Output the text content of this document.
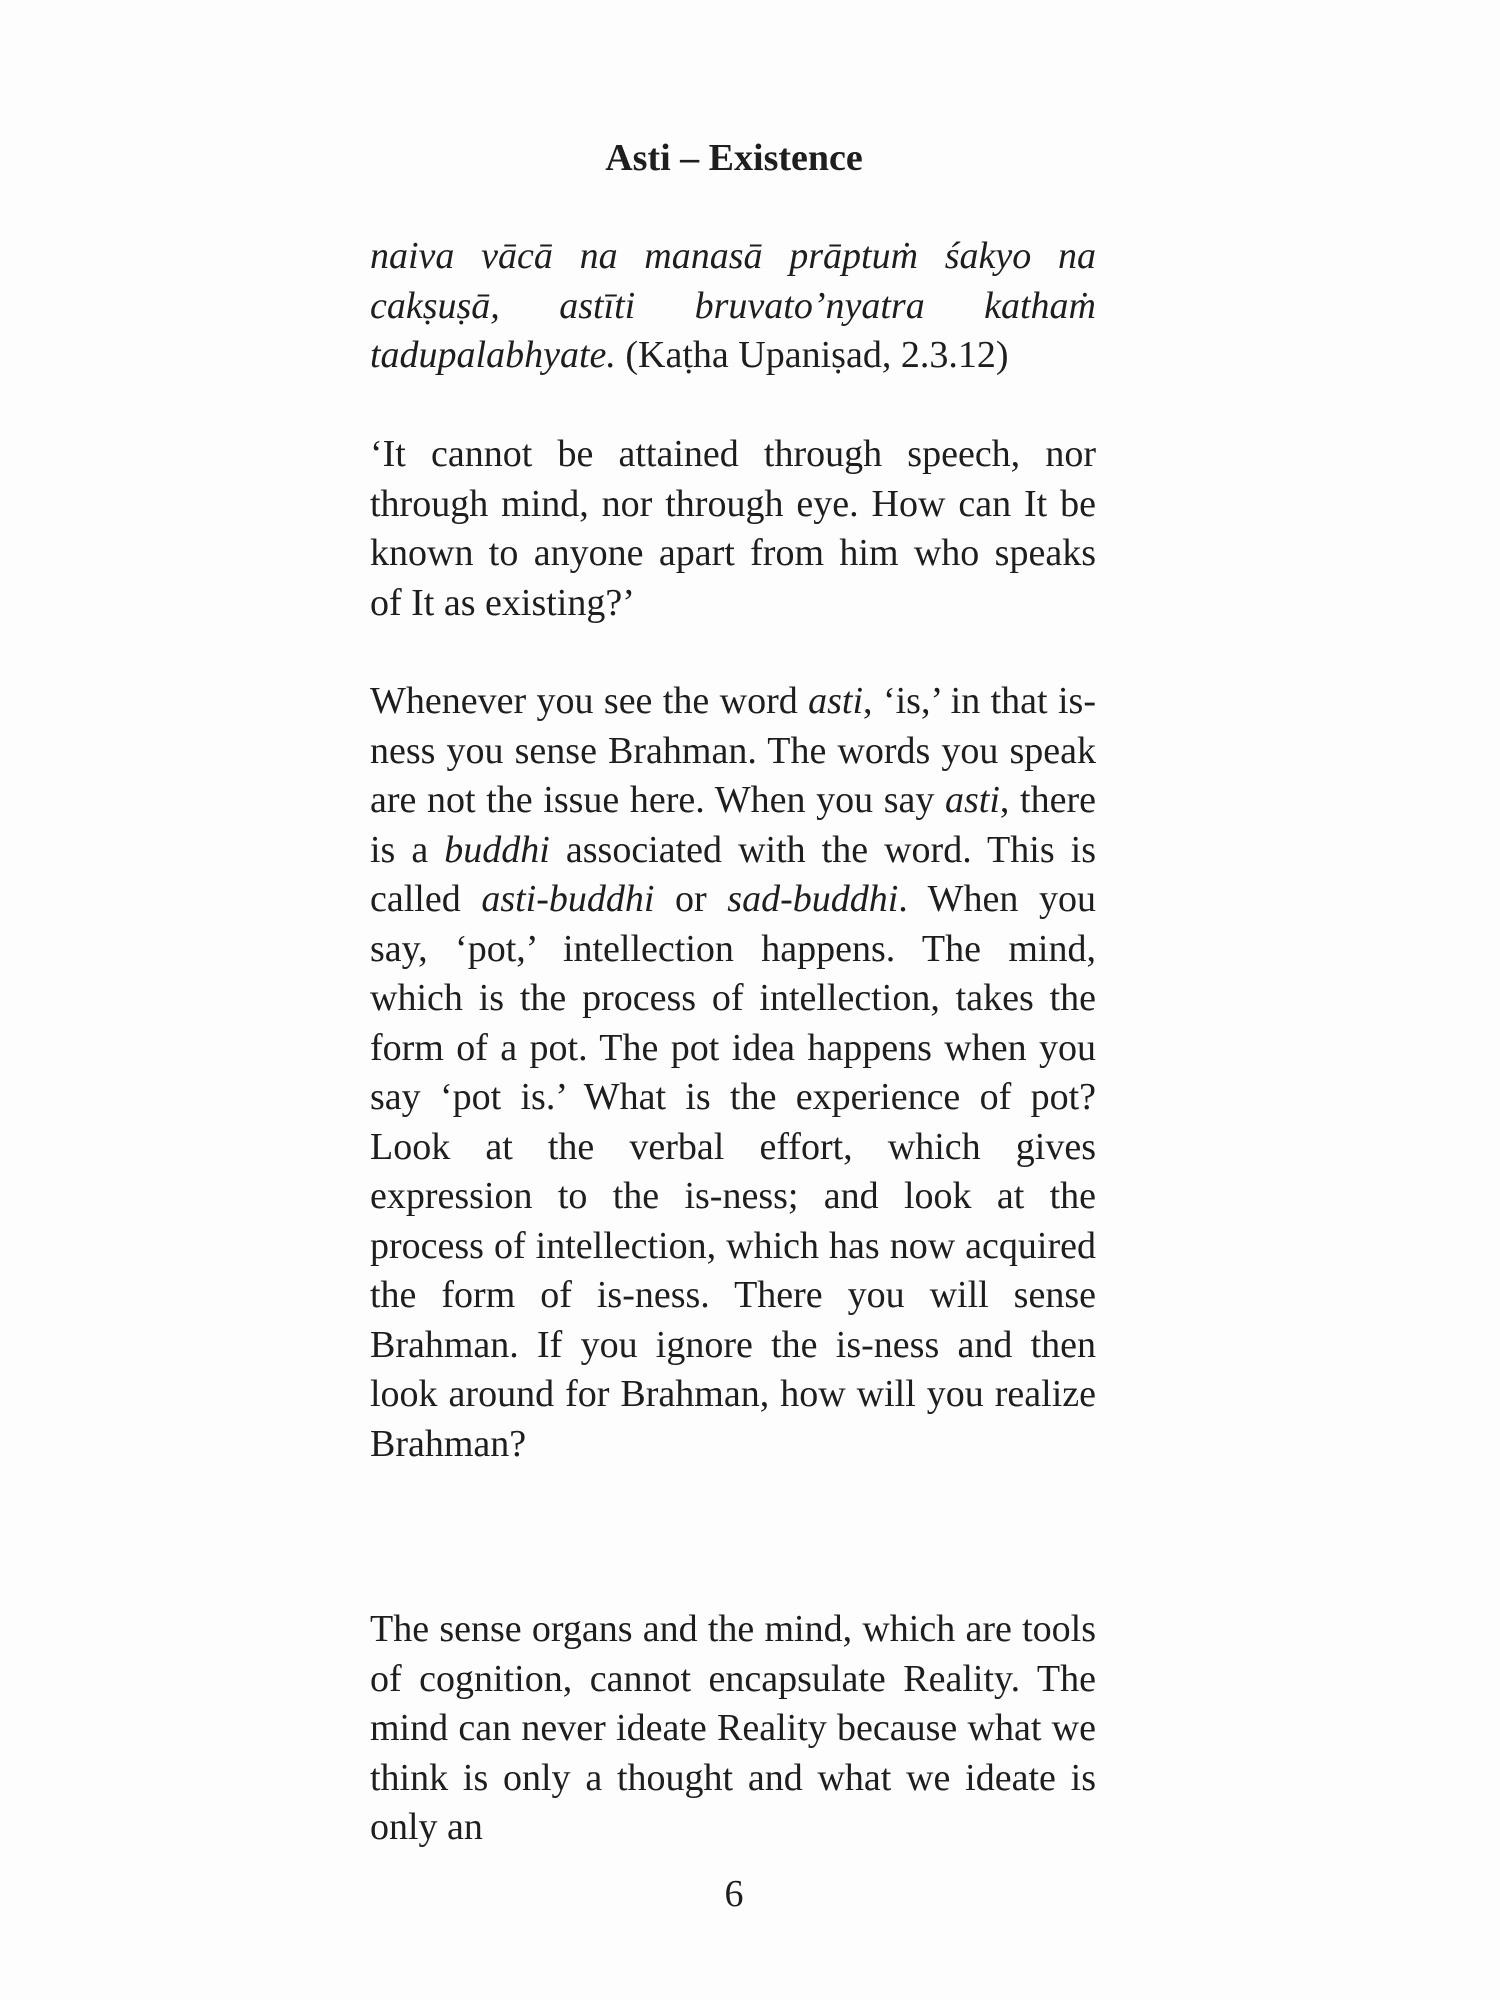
Asti – Existence

naiva vācā na manasā prāptuṁ śakyo na cakṣuṣā, astīti bruvato’nyatra kathaṁ tadupalabhyate. (Kaṭha Upaniṣad, 2.3.12)

‘It cannot be attained through speech, nor through mind, nor through eye. How can It be known to anyone apart from him who speaks of It as existing?’

Whenever you see the word asti, ‘is,’ in that is-ness you sense Brahman. The words you speak are not the issue here. When you say asti, there is a buddhi associated with the word. This is called asti-buddhi or sad-buddhi. When you say, ‘pot,’ intellection happens. The mind, which is the process of intellection, takes the form of a pot. The pot idea happens when you say ‘pot is.’ What is the experience of pot? Look at the verbal effort, which gives expression to the is-ness; and look at the process of intellection, which has now acquired the form of is-ness. There you will sense Brahman. If you ignore the is-ness and then look around for Brahman, how will you realize Brahman?

The sense organs and the mind, which are tools of cognition, cannot encapsulate Reality. The mind can never ideate Reality because what we think is only a thought and what we ideate is only an

6
